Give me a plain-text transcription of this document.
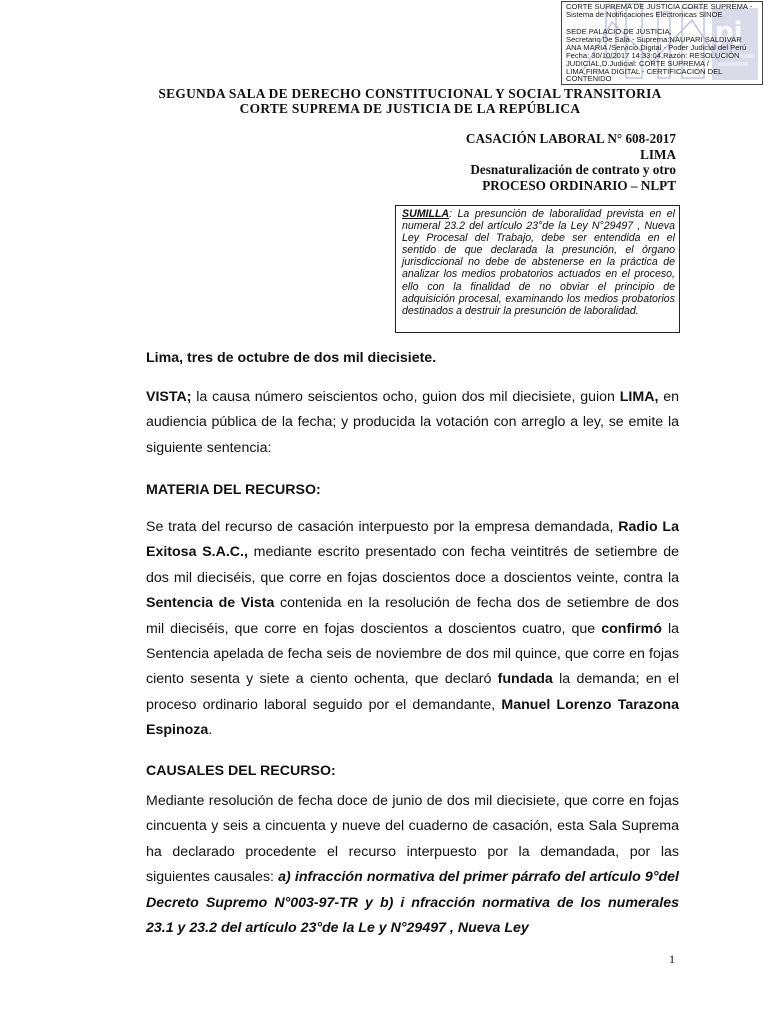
pj
CORTE SUPREMA DE JUSTICIA CORTE SUPREMA -
Sistema de Notificaciones Electronicas SINOE
SEDE PALACIO DE JUSTICIA,
Secretario De Sala - Suprema:NAUPARI SALDIVAR
ANA MARIA /Servicio Digital - Poder Judicial del Perú
Fecha: 30/10/2017 14:33:04,Razón: RESOLUCIÓN
JUDICIAL,D.Judicial: CORTE SUPREMA /
LIMA,FIRMA DIGITAL - CERTIFICACIÓN DEL
CONTENIDO
SEGUNDA SALA DE DERECHO CONSTITUCIONAL Y SOCIAL TRANSITORIA
CORTE SUPREMA DE JUSTICIA DE LA REPÚBLICA
CASACIÓN LABORAL N° 608-2017
LIMA
Desnaturalización de contrato y otro
PROCESO ORDINARIO – NLPT
SUMILLA: La presunción de laboralidad prevista en el numeral 23.2 del artículo 23°de la Ley N°29497 , Nueva Ley Procesal del Trabajo, debe ser entendida en el sentido de que declarada la presunción, el órgano jurisdiccional no debe de abstenerse en la práctica de analizar los medios probatorios actuados en el proceso, ello con la finalidad de no obviar el principio de adquisición procesal, examinando los medios probatorios destinados a destruir la presunción de laboralidad.
Lima, tres de octubre de dos mil diecisiete.
VISTA; la causa número seiscientos ocho, guion dos mil diecisiete, guion LIMA, en audiencia pública de la fecha; y producida la votación con arreglo a ley, se emite la siguiente sentencia:
MATERIA DEL RECURSO:
Se trata del recurso de casación interpuesto por la empresa demandada, Radio La Exitosa S.A.C., mediante escrito presentado con fecha veintitrés de setiembre de dos mil dieciséis, que corre en fojas doscientos doce a doscientos veinte, contra la Sentencia de Vista contenida en la resolución de fecha dos de setiembre de dos mil dieciséis, que corre en fojas doscientos a doscientos cuatro, que confirmó la Sentencia apelada de fecha seis de noviembre de dos mil quince, que corre en fojas ciento sesenta y siete a ciento ochenta, que declaró fundada la demanda; en el proceso ordinario laboral seguido por el demandante, Manuel Lorenzo Tarazona Espinoza.
CAUSALES DEL RECURSO:
Mediante resolución de fecha doce de junio de dos mil diecisiete, que corre en fojas cincuenta y seis a cincuenta y nueve del cuaderno de casación, esta Sala Suprema ha declarado procedente el recurso interpuesto por la demandada, por las siguientes causales: a) infracción normativa del primer párrafo del artículo 9°del Decreto Supremo N°003-97-TR y b) i nfracción normativa de los numerales 23.1 y 23.2 del artículo 23°de la Le y N°29497 , Nueva Ley
1
